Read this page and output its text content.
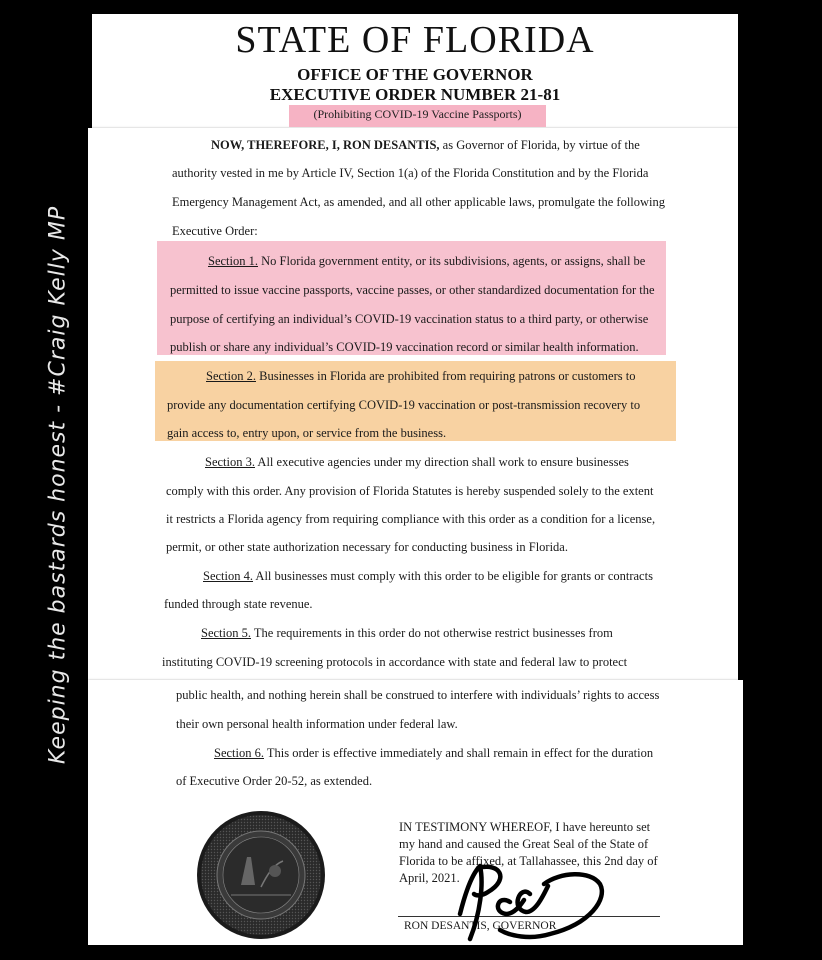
Keeping the bastards honest - #Craig Kelly MP
STATE OF FLORIDA
OFFICE OF THE GOVERNOR
EXECUTIVE ORDER NUMBER 21-81
(Prohibiting COVID-19 Vaccine Passports)
NOW, THEREFORE, I, RON DESANTIS, as Governor of Florida, by virtue of the
authority vested in me by Article IV, Section 1(a) of the Florida Constitution and by the Florida
Emergency Management Act, as amended, and all other applicable laws, promulgate the following
Executive Order:
Section 1. No Florida government entity, or its subdivisions, agents, or assigns, shall be
permitted to issue vaccine passports, vaccine passes, or other standardized documentation for the
purpose of certifying an individual’s COVID-19 vaccination status to a third party, or otherwise
publish or share any individual’s COVID-19 vaccination record or similar health information.
Section 2. Businesses in Florida are prohibited from requiring patrons or customers to
provide any documentation certifying COVID-19 vaccination or post-transmission recovery to
gain access to, entry upon, or service from the business.
Section 3. All executive agencies under my direction shall work to ensure businesses
comply with this order. Any provision of Florida Statutes is hereby suspended solely to the extent
it restricts a Florida agency from requiring compliance with this order as a condition for a license,
permit, or other state authorization necessary for conducting business in Florida.
Section 4. All businesses must comply with this order to be eligible for grants or contracts
funded through state revenue.
Section 5. The requirements in this order do not otherwise restrict businesses from
instituting COVID-19 screening protocols in accordance with state and federal law to protect
public health, and nothing herein shall be construed to interfere with individuals’ rights to access
their own personal health information under federal law.
Section 6. This order is effective immediately and shall remain in effect for the duration
of Executive Order 20-52, as extended.
IN TESTIMONY WHEREOF, I have hereunto set
my hand and caused the Great Seal of the State of
Florida to be affixed, at Tallahassee, this 2nd day of
April, 2021.
RON DESANTIS, GOVERNOR
